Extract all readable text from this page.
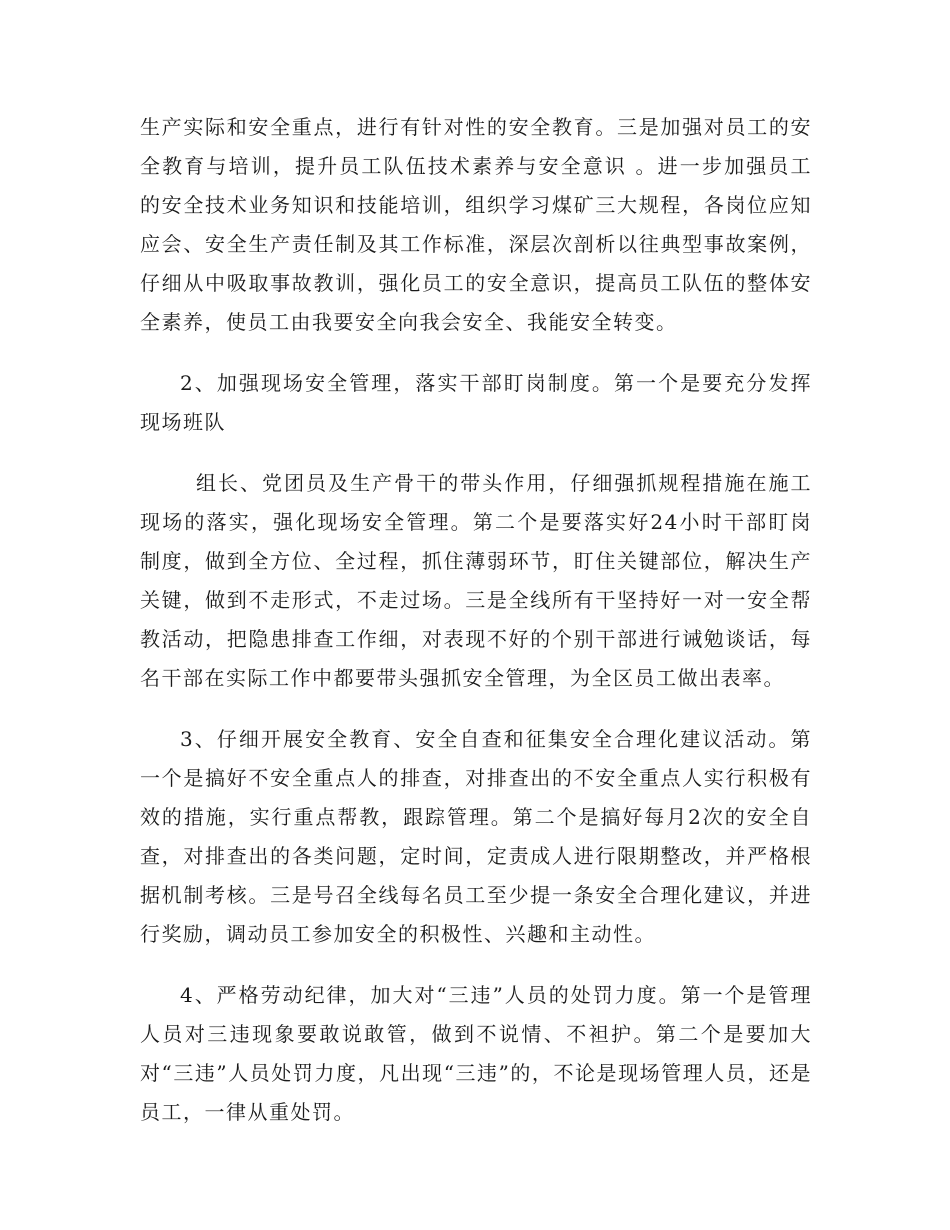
生产实际和安全重点，进行有针对性的安全教育。三是加强对员工的安全教育与培训，提升员工队伍技术素养与安全意识 。进一步加强员工的安全技术业务知识和技能培训，组织学习煤矿三大规程，各岗位应知应会、安全生产责任制及其工作标准，深层次剖析以往典型事故案例，仔细从中吸取事故教训，强化员工的安全意识，提高员工队伍的整体安全素养，使员工由我要安全向我会安全、我能安全转变。

2、加强现场安全管理，落实干部盯岗制度。第一个是要充分发挥现场班队

组长、党团员及生产骨干的带头作用，仔细强抓规程措施在施工现场的落实，强化现场安全管理。第二个是要落实好24小时干部盯岗制度，做到全方位、全过程，抓住薄弱环节，盯住关键部位，解决生产关键，做到不走形式，不走过场。三是全线所有干坚持好一对一安全帮教活动，把隐患排查工作细，对表现不好的个别干部进行诫勉谈话，每名干部在实际工作中都要带头强抓安全管理，为全区员工做出表率。

3、仔细开展安全教育、安全自查和征集安全合理化建议活动。第一个是搞好不安全重点人的排查，对排查出的不安全重点人实行积极有效的措施，实行重点帮教，跟踪管理。第二个是搞好每月2次的安全自查，对排查出的各类问题，定时间，定责成人进行限期整改，并严格根据机制考核。三是号召全线每名员工至少提一条安全合理化建议，并进行奖励，调动员工参加安全的积极性、兴趣和主动性。

4、严格劳动纪律，加大对“三违”人员的处罚力度。第一个是管理人员对三违现象要敢说敢管，做到不说情、不袒护。第二个是要加大对“三违”人员处罚力度，凡出现“三违”的，不论是现场管理人员，还是员工，一律从重处罚。
